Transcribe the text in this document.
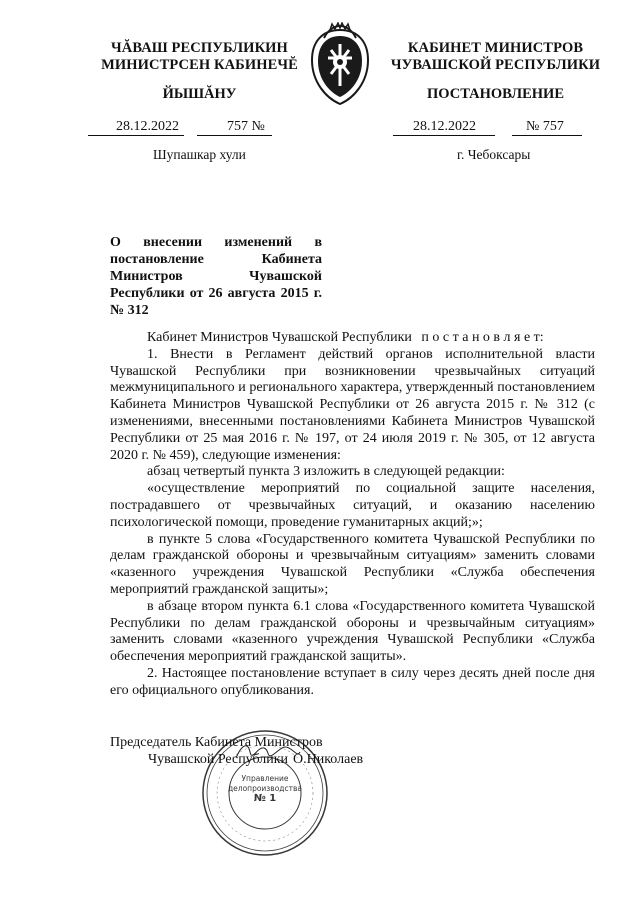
ЧĂВАШ РЕСПУБЛИКИН
МИНИСТРСЕН КАБИНЕЧĔ
ЙЫШĂНУ
КАБИНЕТ МИНИСТРОВ
ЧУВАШСКОЙ РЕСПУБЛИКИ
ПОСТАНОВЛЕНИЕ
28.12.2022	757 №	28.12.2022	№ 757
Шупашкар хули	г. Чебоксары
О внесении изменений в постановление Кабинета Министров Чувашской Республики от 26 августа 2015 г. № 312

Кабинет Министров Чувашской Республики п о с т а н о в л я е т:

1. Внести в Регламент действий органов исполнительной власти Чувашской Республики при возникновении чрезвычайных ситуаций межмуниципального и регионального характера, утвержденный постановлением Кабинета Министров Чувашской Республики от 26 августа 2015 г. № 312 (с изменениями, внесенными постановлениями Кабинета Министров Чувашской Республики от 25 мая 2016 г. № 197, от 24 июля 2019 г. № 305, от 12 августа 2020 г. № 459), следующие изменения:

абзац четвертый пункта 3 изложить в следующей редакции:

«осуществление мероприятий по социальной защите населения, пострадавшего от чрезвычайных ситуаций, и оказанию населению психологической помощи, проведение гуманитарных акций;»;

в пункте 5 слова «Государственного комитета Чувашской Республики по делам гражданской обороны и чрезвычайным ситуациям» заменить словами «казенного учреждения Чувашской Республики «Служба обеспечения мероприятий гражданской защиты»;

в абзаце втором пункта 6.1 слова «Государственного комитета Чувашской Республики по делам гражданской обороны и чрезвычайным ситуациям» заменить словами «казенного учреждения Чувашской Республики «Служба обеспечения мероприятий гражданской защиты».

2. Настоящее постановление вступает в силу через десять дней после дня его официального опубликования.

Управление
делопроизводства
№ 1
Председатель Кабинета Министров
Чувашской Республики О.Николаев
